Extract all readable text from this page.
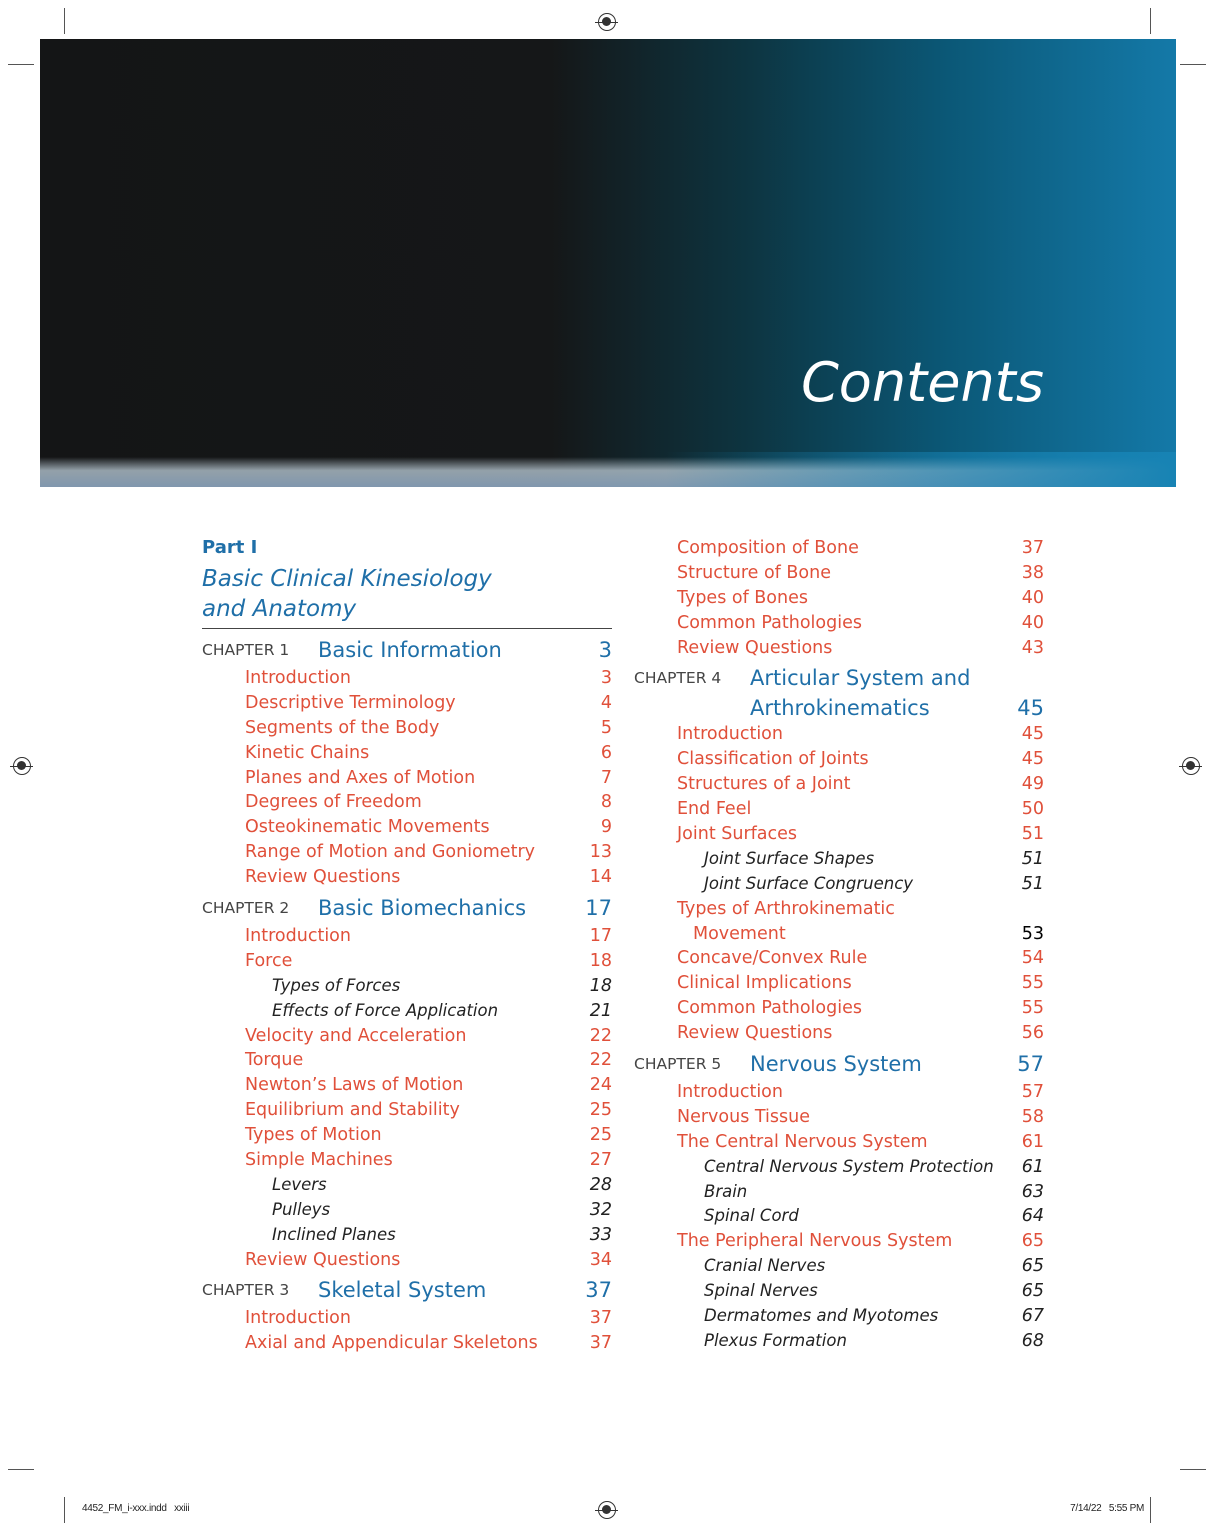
Contents
Part I
Basic Clinical Kinesiology
and Anatomy
CHAPTER 1 Basic Information	3
Introduction	3
Descriptive Terminology	4
Segments of the Body	5
Kinetic Chains	6
Planes and Axes of Motion	7
Degrees of Freedom	8
Osteokinematic Movements	9
Range of Motion and Goniometry	13
Review Questions	14
CHAPTER 2 Basic Biomechanics	17
Introduction	17
Force	18
Types of Forces	18
Effects of Force Application	21
Velocity and Acceleration	22
Torque	22
Newton’s Laws of Motion	24
Equilibrium and Stability	25
Types of Motion	25
Simple Machines	27
Levers	28
Pulleys	32
Inclined Planes	33
Review Questions	34
CHAPTER 3 Skeletal System	37
Introduction	37
Axial and Appendicular Skeletons	37
Composition of Bone	37
Structure of Bone	38
Types of Bones	40
Common Pathologies	40
Review Questions	43
CHAPTER 4 Articular System and
Arthrokinematics	45
Introduction	45
Classification of Joints	45
Structures of a Joint	49
End Feel	50
Joint Surfaces	51
Joint Surface Shapes	51
Joint Surface Congruency	51
Types of Arthrokinematic
Movement	53
Concave/Convex Rule	54
Clinical Implications	55
Common Pathologies	55
Review Questions	56
CHAPTER 5 Nervous System	57
Introduction	57
Nervous Tissue	58
The Central Nervous System	61
Central Nervous System Protection 61
Brain	63
Spinal Cord	64
The Peripheral Nervous System	65
Cranial Nerves	65
Spinal Nerves	65
Dermatomes and Myotomes	67
Plexus Formation	68
4452_FM_i-xxx.indd   xxiii	7/14/22   5:55 PM
